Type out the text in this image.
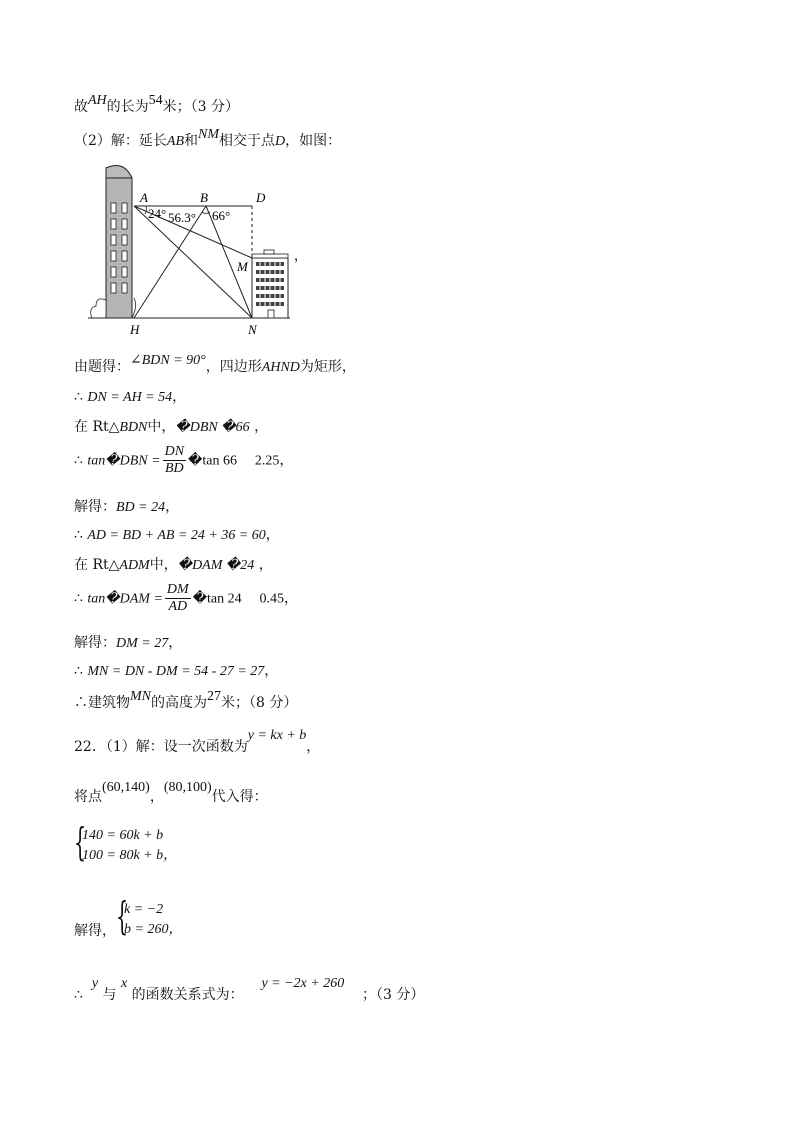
故AH的长为54米；（3 分）
（2）解：延长AB和NM相交于点D，如图：
A	B	D
M
H	N
24° 56.3° 66°
，
由题得：∠BDN = 90°，四边形AHND为矩形，
∴ DN = AH = 54，
在 Rt△BDN中，�DBN �66 ，
∴ tan�DBN = $\frac{DN}{BD}$ �tan 66 2.25，
解得：BD = 24，
∴ AD = BD + AB = 24 + 36 = 60，
在 Rt△ADM中，�DAM �24 ，
∴ tan�DAM = $\frac{DM}{AD}$ �tan 24 0.45，
解得：DM = 27，
∴ MN = DN - DM = 54 - 27 = 27，
∴建筑物MN的高度为27米；（8 分）
22．（1）解：设一次函数为y = kx + b，
将点(60,140)，(80,100)代入得：
{
140 = 60k + b
100 = 80k + b，
解得， {
k = −2
b = 260，
∴  y 与 x 的函数关系式为：    y = −2x + 260    ；（3 分）
